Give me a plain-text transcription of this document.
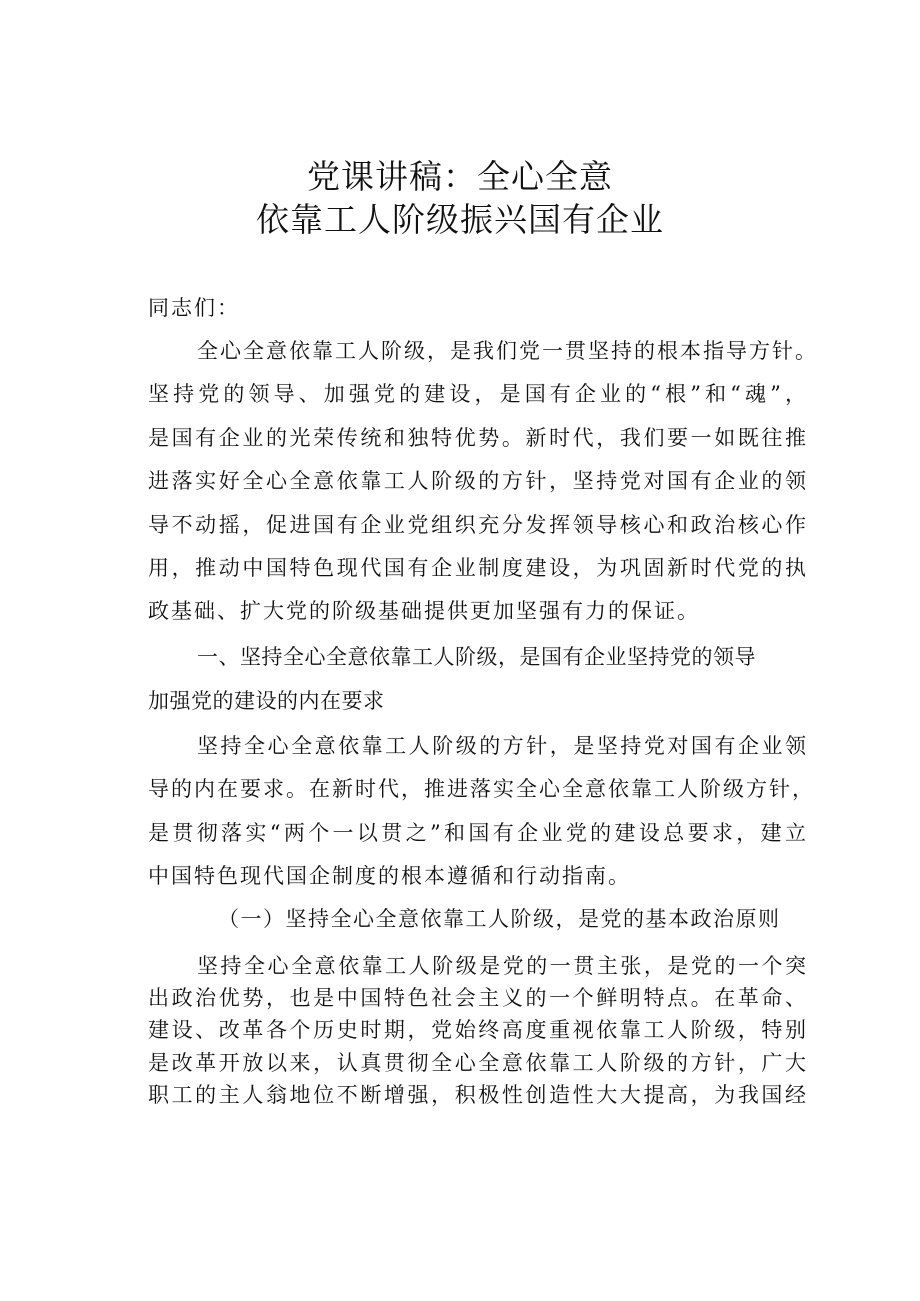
党课讲稿：全心全意
依靠工人阶级振兴国有企业
同志们：
全心全意依靠工人阶级，是我们党一贯坚持的根本指导方针。
坚持党的领导、加强党的建设，是国有企业的“根”和“魂”，
是国有企业的光荣传统和独特优势。新时代，我们要一如既往推
进落实好全心全意依靠工人阶级的方针，坚持党对国有企业的领
导不动摇，促进国有企业党组织充分发挥领导核心和政治核心作
用，推动中国特色现代国有企业制度建设，为巩固新时代党的执
政基础、扩大党的阶级基础提供更加坚强有力的保证。
一、坚持全心全意依靠工人阶级，是国有企业坚持党的领导
加强党的建设的内在要求
坚持全心全意依靠工人阶级的方针，是坚持党对国有企业领
导的内在要求。在新时代，推进落实全心全意依靠工人阶级方针，
是贯彻落实“两个一以贯之”和国有企业党的建设总要求，建立
中国特色现代国企制度的根本遵循和行动指南。
（一）坚持全心全意依靠工人阶级，是党的基本政治原则
坚持全心全意依靠工人阶级是党的一贯主张，是党的一个突
出政治优势，也是中国特色社会主义的一个鲜明特点。在革命、
建设、改革各个历史时期，党始终高度重视依靠工人阶级，特别
是改革开放以来，认真贯彻全心全意依靠工人阶级的方针，广大
职工的主人翁地位不断增强，积极性创造性大大提高，为我国经
